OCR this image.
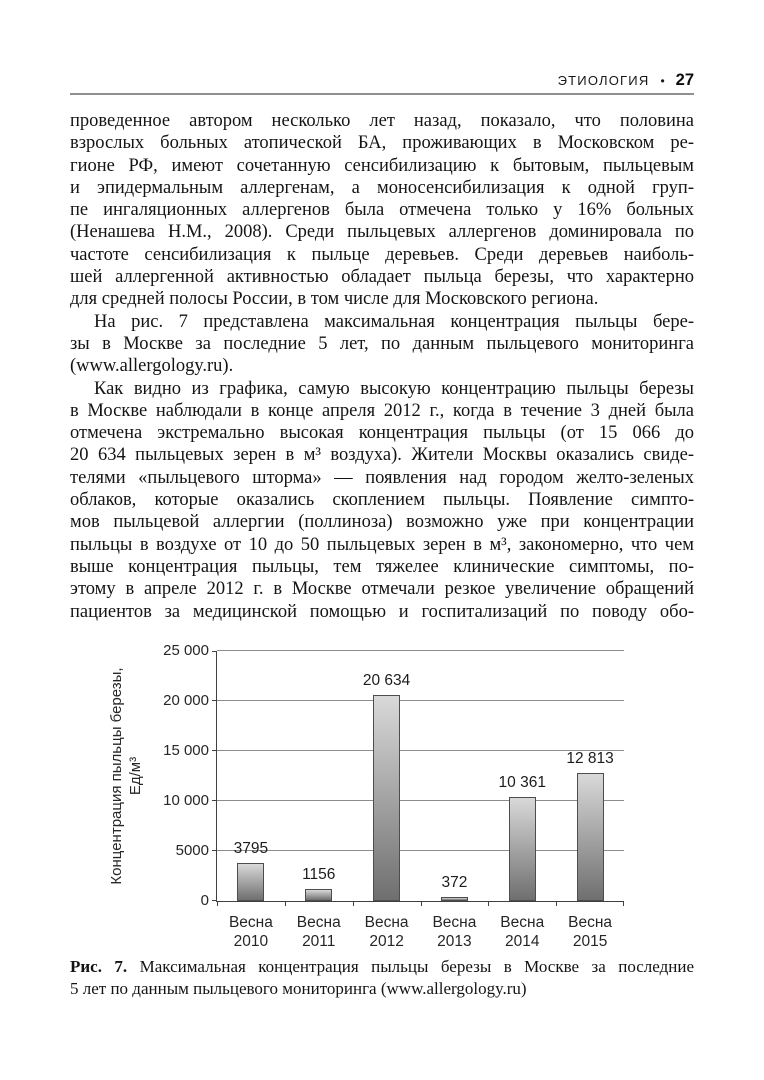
ЭТИОЛОГИЯ • 27
проведенное автором несколько лет назад, показало, что половина
взрослых больных атопической БА, проживающих в Московском ре-
гионе РФ, имеют сочетанную сенсибилизацию к бытовым, пыльцевым
и эпидермальным аллергенам, а моносенсибилизация к одной груп-
пе ингаляционных аллергенов была отмечена только у 16% больных
(Ненашева Н.М., 2008). Среди пыльцевых аллергенов доминировала по
частоте сенсибилизация к пыльце деревьев. Среди деревьев наиболь-
шей аллергенной активностью обладает пыльца березы, что характерно
для средней полосы России, в том числе для Московского региона.
На рис. 7 представлена максимальная концентрация пыльцы бере-
зы в Москве за последние 5 лет, по данным пыльцевого мониторинга
(www.allergology.ru).
Как видно из графика, самую высокую концентрацию пыльцы березы
в Москве наблюдали в конце апреля 2012 г., когда в течение 3 дней была
отмечена экстремально высокая концентрация пыльцы (от 15 066 до
20 634 пыльцевых зерен в м³ воздуха). Жители Москвы оказались свиде-
телями «пыльцевого шторма» — появления над городом желто-зеленых
облаков, которые оказались скоплением пыльцы. Появление симпто-
мов пыльцевой аллергии (поллиноза) возможно уже при концентрации
пыльцы в воздухе от 10 до 50 пыльцевых зерен в м³, закономерно, что чем
выше концентрация пыльцы, тем тяжелее клинические симптомы, по-
этому в апреле 2012 г. в Москве отмечали резкое увеличение обращений
пациентов за медицинской помощью и госпитализаций по поводу обо-
Концентрация пыльцы березы, Ед/м³
0
5000
10 000
15 000
20 000
25 000
3795
Весна
2010
1156
Весна
2011
20 634
Весна
2012
372
Весна
2013
10 361
Весна
2014
12 813
Весна
2015
Рис. 7. Максимальная концентрация пыльцы березы в Москве за последние
5 лет по данным пыльцевого мониторинга (www.allergology.ru)
